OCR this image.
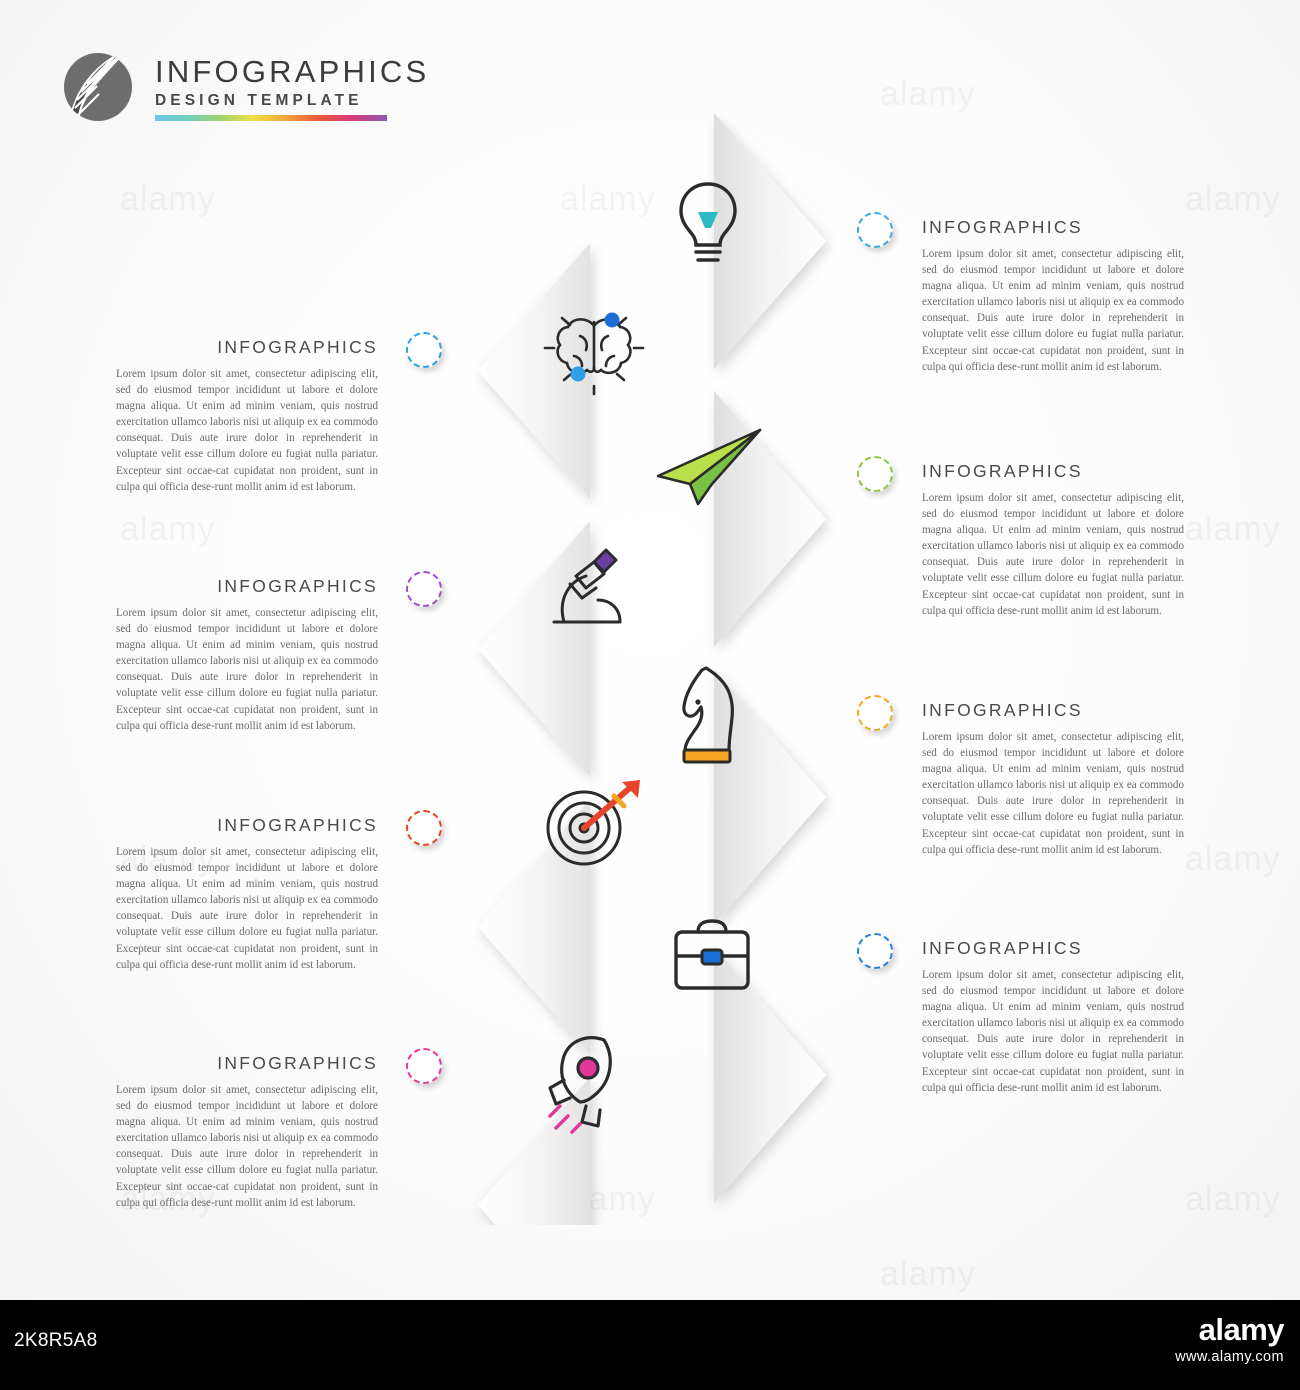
INFOGRAPHICS
DESIGN TEMPLATE
INFOGRAPHICS
Lorem ipsum dolor sit amet, consectetur adipiscing elit, sed do eiusmod tempor incididunt ut labore et dolore magna aliqua. Ut enim ad minim veniam, quis nostrud exercitation ullamco laboris nisi ut aliquip ex ea commodo consequat. Duis aute irure dolor in reprehenderit in voluptate velit esse cillum dolore eu fugiat nulla pariatur. Excepteur sint occae-cat cupidatat non proident, sunt in culpa qui officia dese-runt mollit anim id est laborum.
INFOGRAPHICS
Lorem ipsum dolor sit amet, consectetur adipiscing elit, sed do eiusmod tempor incididunt ut labore et dolore magna aliqua. Ut enim ad minim veniam, quis nostrud exercitation ullamco laboris nisi ut aliquip ex ea commodo consequat. Duis aute irure dolor in reprehenderit in voluptate velit esse cillum dolore eu fugiat nulla pariatur. Excepteur sint occae-cat cupidatat non proident, sunt in culpa qui officia dese-runt mollit anim id est laborum.
INFOGRAPHICS
Lorem ipsum dolor sit amet, consectetur adipiscing elit, sed do eiusmod tempor incididunt ut labore et dolore magna aliqua. Ut enim ad minim veniam, quis nostrud exercitation ullamco laboris nisi ut aliquip ex ea commodo consequat. Duis aute irure dolor in reprehenderit in voluptate velit esse cillum dolore eu fugiat nulla pariatur. Excepteur sint occae-cat cupidatat non proident, sunt in culpa qui officia dese-runt mollit anim id est laborum.
INFOGRAPHICS
Lorem ipsum dolor sit amet, consectetur adipiscing elit, sed do eiusmod tempor incididunt ut labore et dolore magna aliqua. Ut enim ad minim veniam, quis nostrud exercitation ullamco laboris nisi ut aliquip ex ea commodo consequat. Duis aute irure dolor in reprehenderit in voluptate velit esse cillum dolore eu fugiat nulla pariatur. Excepteur sint occae-cat cupidatat non proident, sunt in culpa qui officia dese-runt mollit anim id est laborum.
INFOGRAPHICS
Lorem ipsum dolor sit amet, consectetur adipiscing elit, sed do eiusmod tempor incididunt ut labore et dolore magna aliqua. Ut enim ad minim veniam, quis nostrud exercitation ullamco laboris nisi ut aliquip ex ea commodo consequat. Duis aute irure dolor in reprehenderit in voluptate velit esse cillum dolore eu fugiat nulla pariatur. Excepteur sint occae-cat cupidatat non proident, sunt in culpa qui officia dese-runt mollit anim id est laborum.
INFOGRAPHICS
Lorem ipsum dolor sit amet, consectetur adipiscing elit, sed do eiusmod tempor incididunt ut labore et dolore magna aliqua. Ut enim ad minim veniam, quis nostrud exercitation ullamco laboris nisi ut aliquip ex ea commodo consequat. Duis aute irure dolor in reprehenderit in voluptate velit esse cillum dolore eu fugiat nulla pariatur. Excepteur sint occae-cat cupidatat non proident, sunt in culpa qui officia dese-runt mollit anim id est laborum.
INFOGRAPHICS
Lorem ipsum dolor sit amet, consectetur adipiscing elit, sed do eiusmod tempor incididunt ut labore et dolore magna aliqua. Ut enim ad minim veniam, quis nostrud exercitation ullamco laboris nisi ut aliquip ex ea commodo consequat. Duis aute irure dolor in reprehenderit in voluptate velit esse cillum dolore eu fugiat nulla pariatur. Excepteur sint occae-cat cupidatat non proident, sunt in culpa qui officia dese-runt mollit anim id est laborum.
INFOGRAPHICS
Lorem ipsum dolor sit amet, consectetur adipiscing elit, sed do eiusmod tempor incididunt ut labore et dolore magna aliqua. Ut enim ad minim veniam, quis nostrud exercitation ullamco laboris nisi ut aliquip ex ea commodo consequat. Duis aute irure dolor in reprehenderit in voluptate velit esse cillum dolore eu fugiat nulla pariatur. Excepteur sint occae-cat cupidatat non proident, sunt in culpa qui officia dese-runt mollit anim id est laborum.
2K8R5A8	alamy
www.alamy.com
